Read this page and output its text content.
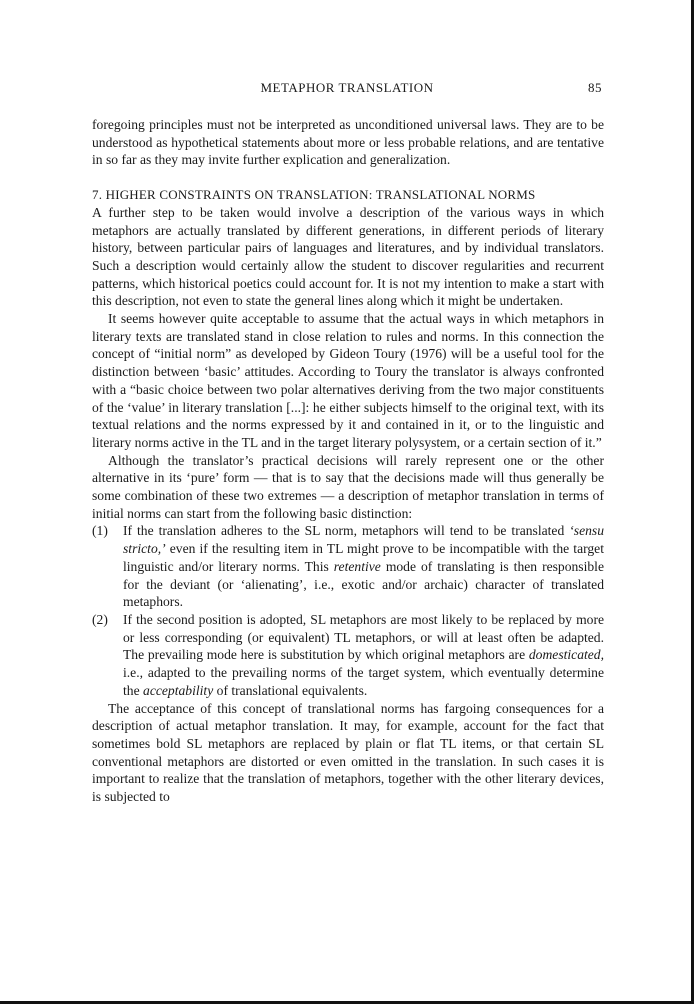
METAPHOR TRANSLATION	85

foregoing principles must not be interpreted as unconditioned universal laws. They are to be understood as hypothetical statements about more or less probable relations, and are tentative in so far as they may invite further explication and generalization.

7. HIGHER CONSTRAINTS ON TRANSLATION: TRANSLATIONAL NORMS

A further step to be taken would involve a description of the various ways in which metaphors are actually translated by different generations, in different periods of literary history, between particular pairs of languages and literatures, and by individual translators. Such a description would certainly allow the student to discover regularities and recurrent patterns, which historical poetics could account for. It is not my intention to make a start with this description, not even to state the general lines along which it might be undertaken.

It seems however quite acceptable to assume that the actual ways in which metaphors in literary texts are translated stand in close relation to rules and norms. In this connection the concept of “initial norm” as developed by Gideon Toury (1976) will be a useful tool for the distinction between ‘basic’ attitudes. According to Toury the translator is always confronted with a “basic choice between two polar alternatives deriving from the two major constituents of the ‘value’ in literary translation [...]: he either subjects himself to the original text, with its textual relations and the norms expressed by it and contained in it, or to the linguistic and literary norms active in the TL and in the target literary polysystem, or a certain section of it.”

Although the translator’s practical decisions will rarely represent one or the other alternative in its ‘pure’ form — that is to say that the decisions made will thus generally be some combination of these two extremes — a description of metaphor translation in terms of initial norms can start from the following basic distinction:

(1)	If the translation adheres to the SL norm, metaphors will tend to be translated ‘sensu stricto,’ even if the resulting item in TL might prove to be incompatible with the target linguistic and/or literary norms. This retentive mode of translating is then responsible for the deviant (or ‘alienating’, i.e., exotic and/or archaic) character of translated metaphors.
(2)	If the second position is adopted, SL metaphors are most likely to be replaced by more or less corresponding (or equivalent) TL metaphors, or will at least often be adapted. The prevailing mode here is substitution by which original metaphors are domesticated, i.e., adapted to the prevailing norms of the target system, which eventually determine the acceptability of translational equivalents.

The acceptance of this concept of translational norms has fargoing consequences for a description of actual metaphor translation. It may, for example, account for the fact that sometimes bold SL metaphors are replaced by plain or flat TL items, or that certain SL conventional metaphors are distorted or even omitted in the translation. In such cases it is important to realize that the translation of metaphors, together with the other literary devices, is subjected to
